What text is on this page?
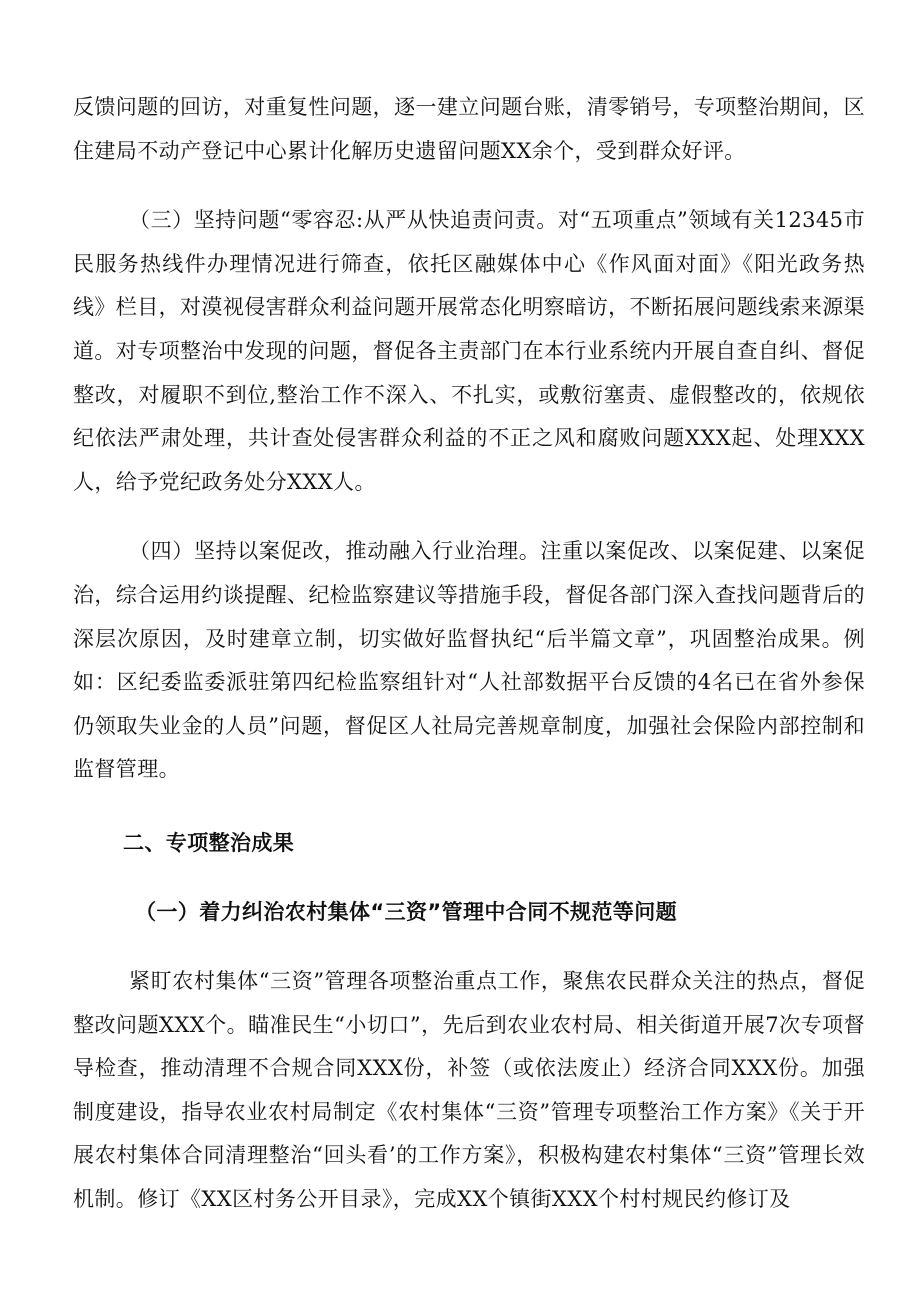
反馈问题的回访，对重复性问题，逐一建立问题台账，清零销号，专项整治期间，区住建局不动产登记中心累计化解历史遗留问题XX余个，受到群众好评。

（三）坚持问题“零容忍:从严从快追责问责。对“五项重点”领域有关12345市民服务热线件办理情况进行筛查，依托区融媒体中心《作风面对面》《阳光政务热线》栏目，对漠视侵害群众利益问题开展常态化明察暗访，不断拓展问题线索来源渠道。对专项整治中发现的问题，督促各主责部门在本行业系统内开展自查自纠、督促整改，对履职不到位,整治工作不深入、不扎实，或敷衍塞责、虚假整改的，依规依纪依法严肃处理，共计查处侵害群众利益的不正之风和腐败问题XXX起、处理XXX人，给予党纪政务处分XXX人。

（四）坚持以案促改，推动融入行业治理。注重以案促改、以案促建、以案促治，综合运用约谈提醒、纪检监察建议等措施手段，督促各部门深入查找问题背后的深层次原因，及时建章立制，切实做好监督执纪“后半篇文章”，巩固整治成果。例如：区纪委监委派驻第四纪检监察组针对“人社部数据平台反馈的4名已在省外参保仍领取失业金的人员”问题，督促区人社局完善规章制度，加强社会保险内部控制和监督管理。

二、专项整治成果
（一）着力纠治农村集体“三资”管理中合同不规范等问题

紧盯农村集体“三资”管理各项整治重点工作，聚焦农民群众关注的热点，督促整改问题XXX个。瞄准民生“小切口”，先后到农业农村局、相关街道开展7次专项督导检查，推动清理不合规合同XXX份，补签（或依法废止）经济合同XXX份。加强制度建设，指导农业农村局制定《农村集体“三资”管理专项整治工作方案》《关于开展农村集体合同清理整治“回头看’的工作方案》，积极构建农村集体“三资”管理长效机制。修订《XX区村务公开目录》，完成XX个镇街XXX个村村规民约修订及
